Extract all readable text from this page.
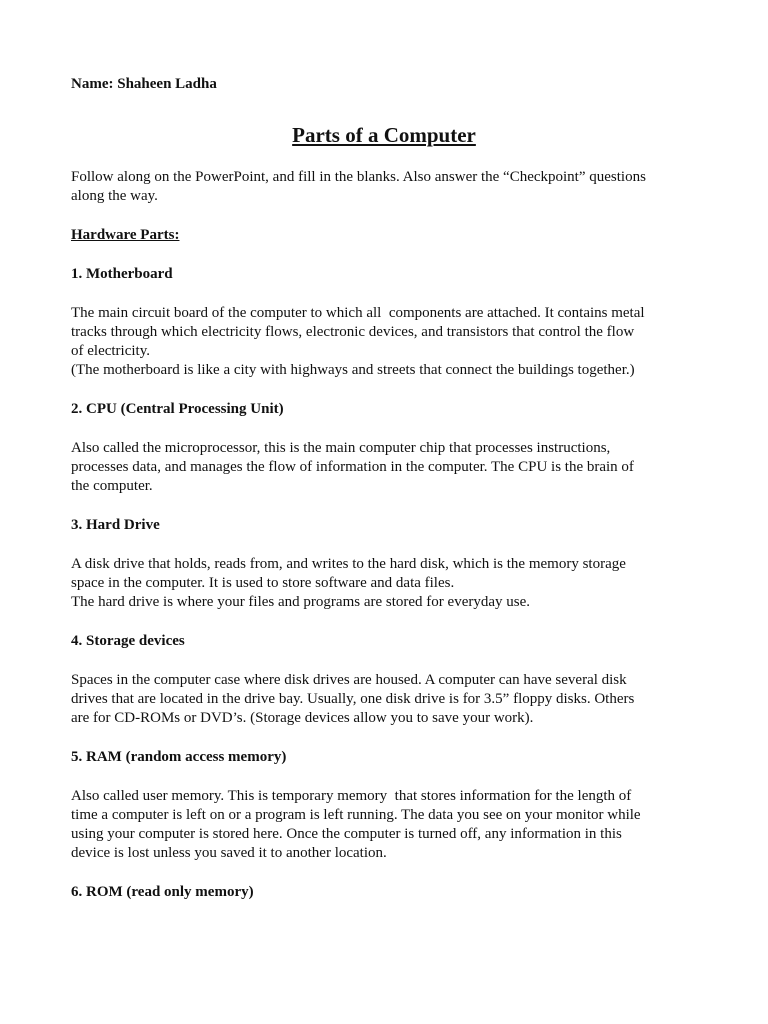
Name: Shaheen Ladha
Parts of a Computer
Follow along on the PowerPoint, and fill in the blanks. Also answer the “Checkpoint” questions
along the way.
Hardware Parts:
1. Motherboard
The main circuit board of the computer to which all  components are attached. It contains metal
tracks through which electricity flows, electronic devices, and transistors that control the flow
of electricity.
(The motherboard is like a city with highways and streets that connect the buildings together.)
2. CPU (Central Processing Unit)
Also called the microprocessor, this is the main computer chip that processes instructions,
processes data, and manages the flow of information in the computer. The CPU is the brain of
the computer.
3. Hard Drive
A disk drive that holds, reads from, and writes to the hard disk, which is the memory storage
space in the computer. It is used to store software and data files.
The hard drive is where your files and programs are stored for everyday use.
4. Storage devices
Spaces in the computer case where disk drives are housed. A computer can have several disk
drives that are located in the drive bay. Usually, one disk drive is for 3.5” floppy disks. Others
are for CD-ROMs or DVD’s. (Storage devices allow you to save your work).
5. RAM (random access memory)
Also called user memory. This is temporary memory  that stores information for the length of
time a computer is left on or a program is left running. The data you see on your monitor while
using your computer is stored here. Once the computer is turned off, any information in this
device is lost unless you saved it to another location.
6. ROM (read only memory)
